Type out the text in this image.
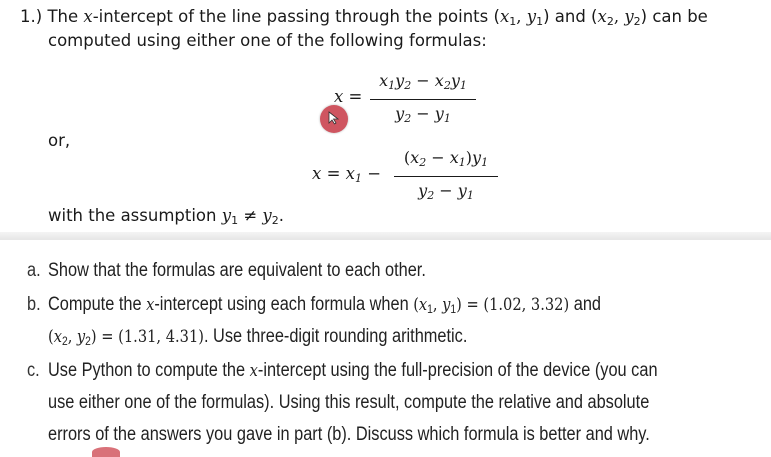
1.) The x-intercept of the line passing through the points ($x_1$, $y_1$) and ($x_2$, $y_2$) can be
computed using either one of the following formulas:
x =
$x_1y_2 - x_2y_1$
$y_2 - y_1$
or,
$x = x_1$ −
$(x_2 - x_1)y_1$
$y_2 - y_1$
with the assumption $y_1 \ne y_2$.
a. Show that the formulas are equivalent to each other.
b. Compute the x-intercept using each formula when ($x_1$, $y_1) = (1.02$, 3.32) and
($x_2$, $y_2) = (1.31$, 4.31). Use three-digit rounding arithmetic.
c. Use Python to compute the x-intercept using the full-precision of the device (you can
use either one of the formulas). Using this result, compute the relative and absolute
errors of the answers you gave in part (b). Discuss which formula is better and why.
